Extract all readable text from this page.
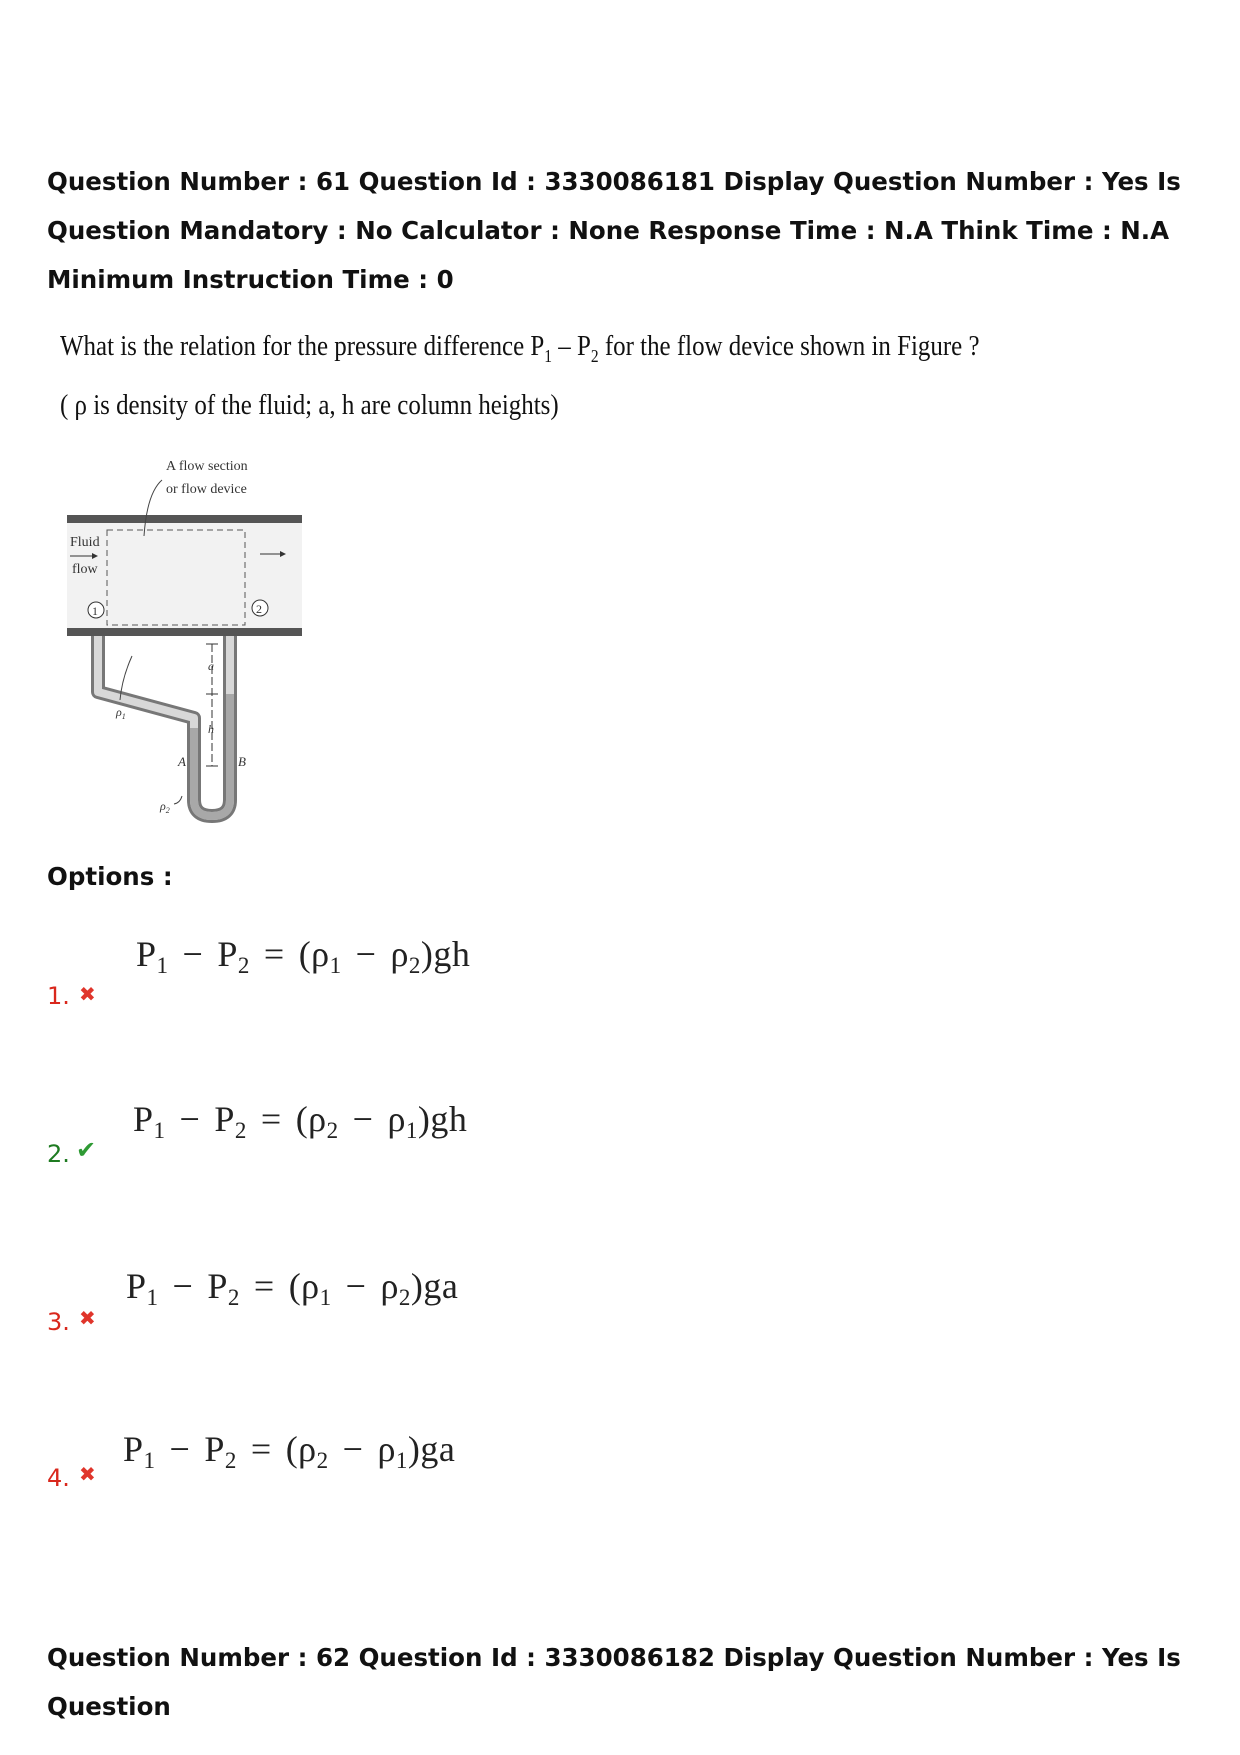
Question Number : 61 Question Id : 3330086181 Display Question Number : Yes Is Question Mandatory : No Calculator : None Response Time : N.A Think Time : N.A Minimum Instruction Time : 0

What is the relation for the pressure difference $P_1 - P_2$ for the flow device shown in Figure ?
( ρ is density of the fluid; a, h are column heights)
A flow section
or flow device
Fluid
flow
1	2
a
h
$\rho_1$
$\rho_2$
A	B
Options :
1. ✖
$P_1 - P_2 = (\rho_1 - \rho_2)gh$
2. ✔
$P_1 - P_2 = (\rho_2 - \rho_1)gh$
3. ✖
$P_1 - P_2 = (\rho_1 - \rho_2)ga$
4. ✖
$P_1 - P_2 = (\rho_2 - \rho_1)ga$

Question Number : 62 Question Id : 3330086182 Display Question Number : Yes Is Question
